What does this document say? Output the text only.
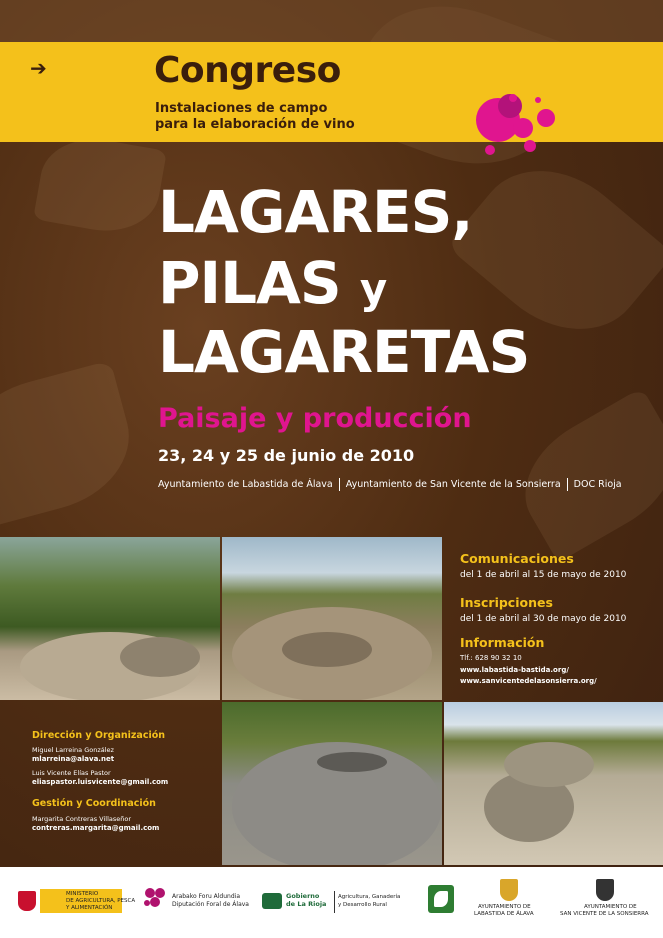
➔	Congreso
Instalaciones de campo
para la elaboración de vino
LAGARES,
PILAS y
LAGARETAS
Paisaje y producción
23, 24 y 25 de junio de 2010
Ayuntamiento de Labastida de Álava Ayuntamiento de San Vicente de la Sonsierra DOC Rioja
Comunicaciones
del 1 de abril al 15 de mayo de 2010
Inscripciones
del 1 de abril al 30 de mayo de 2010
Información
Tlf.: 628 90 32 10
www.labastida-bastida.org/
www.sanvicentedelasonsierra.org/
Dirección y Organización
Miguel Larreina González
mlarreina@alava.net
Luis Vicente Elías Pastor
eliaspastor.luisvicente@gmail.com
Gestión y Coordinación
Margarita Contreras Villaseñor
contreras.margarita@gmail.com
MINISTERIO
DE AGRICULTURA, PESCA
Y ALIMENTACIÓN
Arabako Foru Aldundia
Diputación Foral de Álava
Gobierno
de La Rioja
Agricultura, Ganadería
y Desarrollo Rural	AYUNTAMIENTO DE
LABASTIDA DE ÁLAVA
AYUNTAMIENTO DE
SAN VICENTE DE LA SONSIERRA
